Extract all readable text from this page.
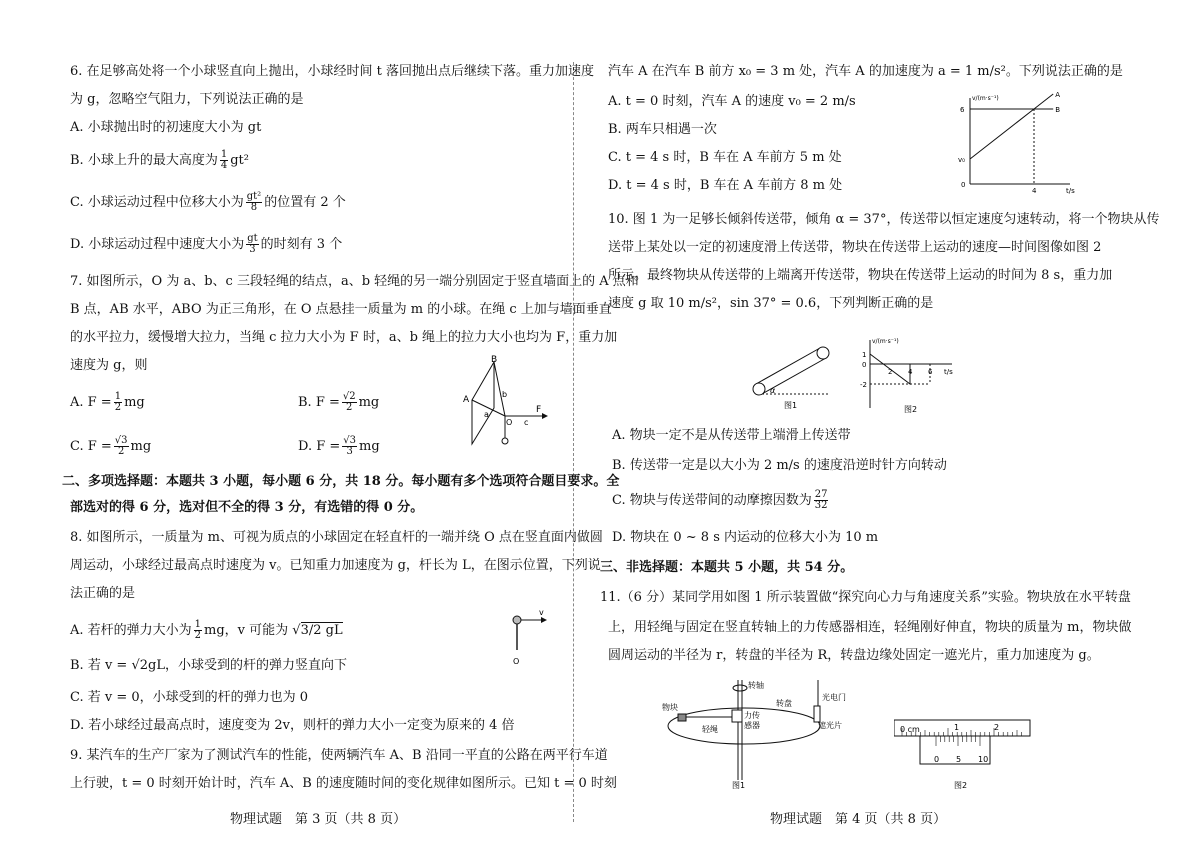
6. 在足够高处将一个小球竖直向上抛出，小球经时间 t 落回抛出点后继续下落。重力加速度
为 g，忽略空气阻力，下列说法正确的是
A. 小球抛出时的初速度大小为 gt
B. 小球上升的最大高度为 $\frac{1}{4} gt^2$
C. 小球运动过程中位移大小为 $\frac{\text{gt²}}{8}$ 的位置有 2 个
D. 小球运动过程中速度大小为 $\frac{gt}{3}$ 的时刻有 3 个
7. 如图所示，O 为 a、b、c 三段轻绳的结点，a、b 轻绳的另一端分别固定于竖直墙面上的 A 点和
B 点，AB 水平，ABO 为正三角形，在 O 点悬挂一质量为 m 的小球。在绳 c 上加与墙面垂直
的水平拉力，缓慢增大拉力，当绳 c 拉力大小为 F 时，a、b 绳上的拉力大小也均为 F，重力加
速度为 g，则
A. $F = \frac{1}{2}$ mg	B. $F = \frac{√2}{2}$ mg
C. $F = \frac{√3}{2}$ mg	D. $F = \frac{√3}{3}$ mg
B
A
a
b
O c
F
二、多项选择题：本题共 3 小题，每小题 6 分，共 18 分。每小题有多个选项符合题目要求。全
部选对的得 6 分，选对但不全的得 3 分，有选错的得 0 分。
8. 如图所示，一质量为 m、可视为质点的小球固定在轻直杆的一端并绕 O 点在竖直面内做圆
周运动，小球经过最高点时速度为 v。已知重力加速度为 g，杆长为 L，在图示位置，下列说
法正确的是
A. 若杆的弹力大小为 $\frac{1}{2}$ mg，v 可能为 √3/2 gL
B. 若 v = √2gL，小球受到的杆的弹力竖直向下
C. 若 v = 0，小球受到的杆的弹力也为 0
D. 若小球经过最高点时，速度变为 2v，则杆的弹力大小一定变为原来的 4 倍
v
O
9. 某汽车的生产厂家为了测试汽车的性能，使两辆汽车 A、B 沿同一平直的公路在两平行车道
上行驶，t = 0 时刻开始计时，汽车 A、B 的速度随时间的变化规律如图所示。已知 t = 0 时刻
物理试题　第 3 页（共 8 页）
汽车 A 在汽车 B 前方 x₀ = 3 m 处，汽车 A 的加速度为 a = 1 m/s²。下列说法正确的是
A. t = 0 时刻，汽车 A 的速度 v₀ = 2 m/s
B. 两车只相遇一次
C. t = 4 s 时，B 车在 A 车前方 5 m 处
D. t = 4 s 时，B 车在 A 车前方 8 m 处
v/(m·s⁻¹)
t/s
A
B
0
4
v₀
6
10. 图 1 为一足够长倾斜传送带，倾角 α = 37°，传送带以恒定速度匀速转动，将一个物块从传
送带上某处以一定的初速度滑上传送带，物块在传送带上运动的速度—时间图像如图 2
所示。最终物块从传送带的上端离开传送带，物块在传送带上运动的时间为 8 s，重力加
速度 g 取 10 m/s²，sin 37° = 0.6，下列判断正确的是
α
图1
v/(m·s⁻¹)
t/s
2 4 6
1
0
-2
图2
A. 物块一定不是从传送带上端滑上传送带
B. 传送带一定是以大小为 2 m/s 的速度沿逆时针方向转动
C. 物块与传送带间的动摩擦因数为 $\frac{27}{32}$
D. 物块在 0 ~ 8 s 内运动的位移大小为 10 m
三、非选择题：本题共 5 小题，共 54 分。
11.（6 分）某同学用如图 1 所示装置做“探究向心力与角速度关系”实验。物块放在水平转盘
上，用轻绳与固定在竖直转轴上的力传感器相连，轻绳刚好伸直，物块的质量为 m，物块做
圆周运动的半径为 r，转盘的半径为 R，转盘边缘处固定一遮光片，重力加速度为 g。
转轴
转盘
物块
力传
感器
轻绳
光电门
遮光片
图1
0 cm	1	2
0 5 10
图2
物理试题　第 4 页（共 8 页）
